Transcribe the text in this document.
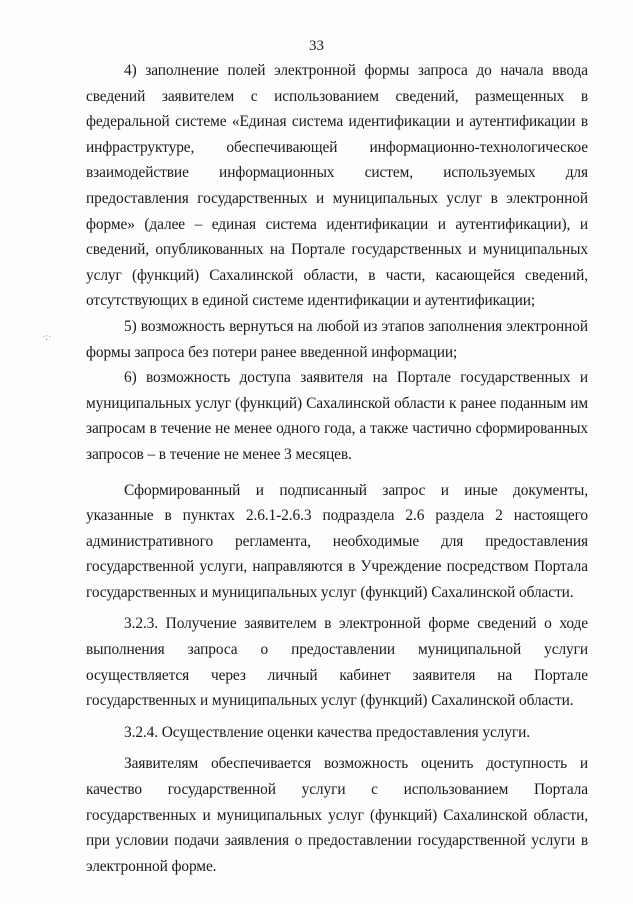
33
·:·

4) заполнение полей электронной формы запроса до начала ввода сведений заявителем с использованием сведений, размещенных в федеральной системе «Единая система идентификации и аутентификации в инфраструктуре, обеспечивающей информационно-технологическое взаимодействие информационных систем, используемых для предоставления государственных и муниципальных услуг в электронной форме» (далее – единая система идентификации и аутентификации), и сведений, опубликованных на Портале государственных и муниципальных услуг (функций) Сахалинской области, в части, касающейся сведений, отсутствующих в единой системе идентификации и аутентификации;

5) возможность вернуться на любой из этапов заполнения электронной формы запроса без потери ранее введенной информации;

6) возможность доступа заявителя на Портале государственных и муниципальных услуг (функций) Сахалинской области к ранее поданным им запросам в течение не менее одного года, а также частично сформированных запросов – в течение не менее 3 месяцев.

Сформированный и подписанный запрос и иные документы, указанные в пунктах 2.6.1-2.6.3 подраздела 2.6 раздела 2 настоящего административного регламента, необходимые для предоставления государственной услуги, направляются в Учреждение посредством Портала государственных и муниципальных услуг (функций) Сахалинской области.

3.2.3. Получение заявителем в электронной форме сведений о ходе выполнения запроса о предоставлении муниципальной услуги осуществляется через личный кабинет заявителя на Портале государственных и муниципальных услуг (функций) Сахалинской области.

3.2.4. Осуществление оценки качества предоставления услуги.

Заявителям обеспечивается возможность оценить доступность и качество государственной услуги с использованием Портала государственных и муниципальных услуг (функций) Сахалинской области, при условии подачи заявления о предоставлении государственной услуги в электронной форме.
